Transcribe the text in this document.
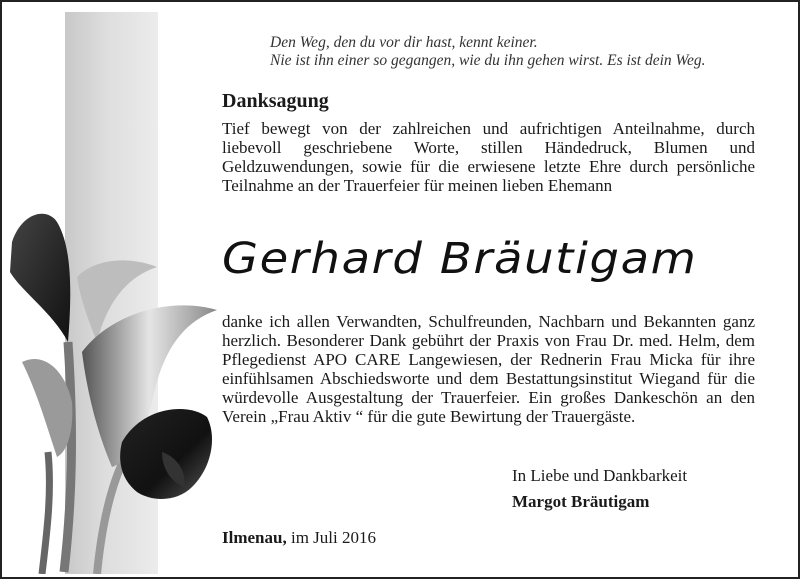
Den Weg, den du vor dir hast, kennt keiner.
Nie ist ihn einer so gegangen, wie du ihn gehen wirst. Es ist dein Weg.
Danksagung
Tief bewegt von der zahlreichen und aufrichtigen Anteilnahme, durch liebevoll geschriebene Worte, stillen Händedruck, Blumen und Geldzuwendungen, sowie für die erwiesene letzte Ehre durch persönliche Teilnahme an der Trauerfeier für meinen lieben Ehemann
Gerhard Bräutigam
danke ich allen Verwandten, Schulfreunden, Nachbarn und Bekannten ganz herzlich. Besonderer Dank gebührt der Praxis von Frau Dr. med. Helm, dem Pflegedienst APO CARE Langewiesen, der Rednerin Frau Micka für ihre einfühlsamen Abschiedsworte und dem Bestattungsinstitut Wiegand für die würdevolle Ausgestaltung der Trauerfeier. Ein großes Dankeschön an den Verein „Frau Aktiv “ für die gute Bewirtung der Trauergäste.
In Liebe und Dankbarkeit
Margot Bräutigam
Ilmenau, im Juli 2016
